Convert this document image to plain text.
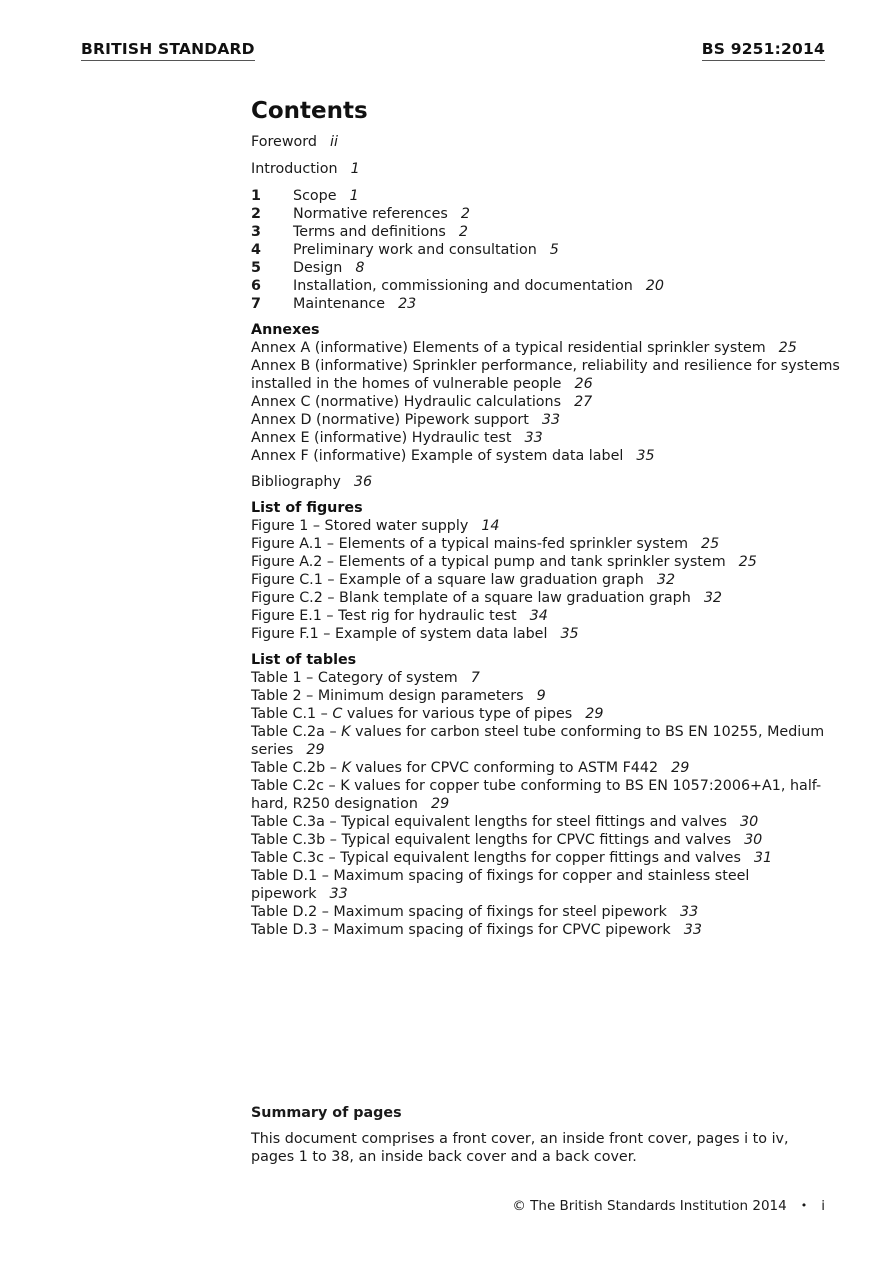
BRITISH STANDARD	BS 9251:2014
Contents
Foreword ii
Introduction 1
1	Scope 1
2	Normative references 2
3	Terms and definitions 2
4	Preliminary work and consultation 5
5	Design 8
6	Installation, commissioning and documentation 20
7	Maintenance 23
Annexes
Annex A (informative) Elements of a typical residential sprinkler system 25
Annex B (informative) Sprinkler performance, reliability and resilience for systems installed in the homes of vulnerable people 26
Annex C (normative) Hydraulic calculations 27
Annex D (normative) Pipework support 33
Annex E (informative) Hydraulic test 33
Annex F (informative) Example of system data label 35
Bibliography 36
List of figures
Figure 1 – Stored water supply 14
Figure A.1 – Elements of a typical mains-fed sprinkler system 25
Figure A.2 – Elements of a typical pump and tank sprinkler system 25
Figure C.1 – Example of a square law graduation graph 32
Figure C.2 – Blank template of a square law graduation graph 32
Figure E.1 – Test rig for hydraulic test 34
Figure F.1 – Example of system data label 35
List of tables
Table 1 – Category of system 7
Table 2 – Minimum design parameters 9
Table C.1 – C values for various type of pipes 29
Table C.2a – K values for carbon steel tube conforming to BS EN 10255, Medium series 29
Table C.2b – K values for CPVC conforming to ASTM F442 29
Table C.2c – K values for copper tube conforming to BS EN 1057:2006+A1, half-hard, R250 designation 29
Table C.3a – Typical equivalent lengths for steel fittings and valves 30
Table C.3b – Typical equivalent lengths for CPVC fittings and valves 30
Table C.3c – Typical equivalent lengths for copper fittings and valves 31
Table D.1 – Maximum spacing of fixings for copper and stainless steel pipework 33
Table D.2 – Maximum spacing of fixings for steel pipework 33
Table D.3 – Maximum spacing of fixings for CPVC pipework 33
Summary of pages
This document comprises a front cover, an inside front cover, pages i to iv, pages 1 to 38, an inside back cover and a back cover.
© The British Standards Institution 2014 • i
